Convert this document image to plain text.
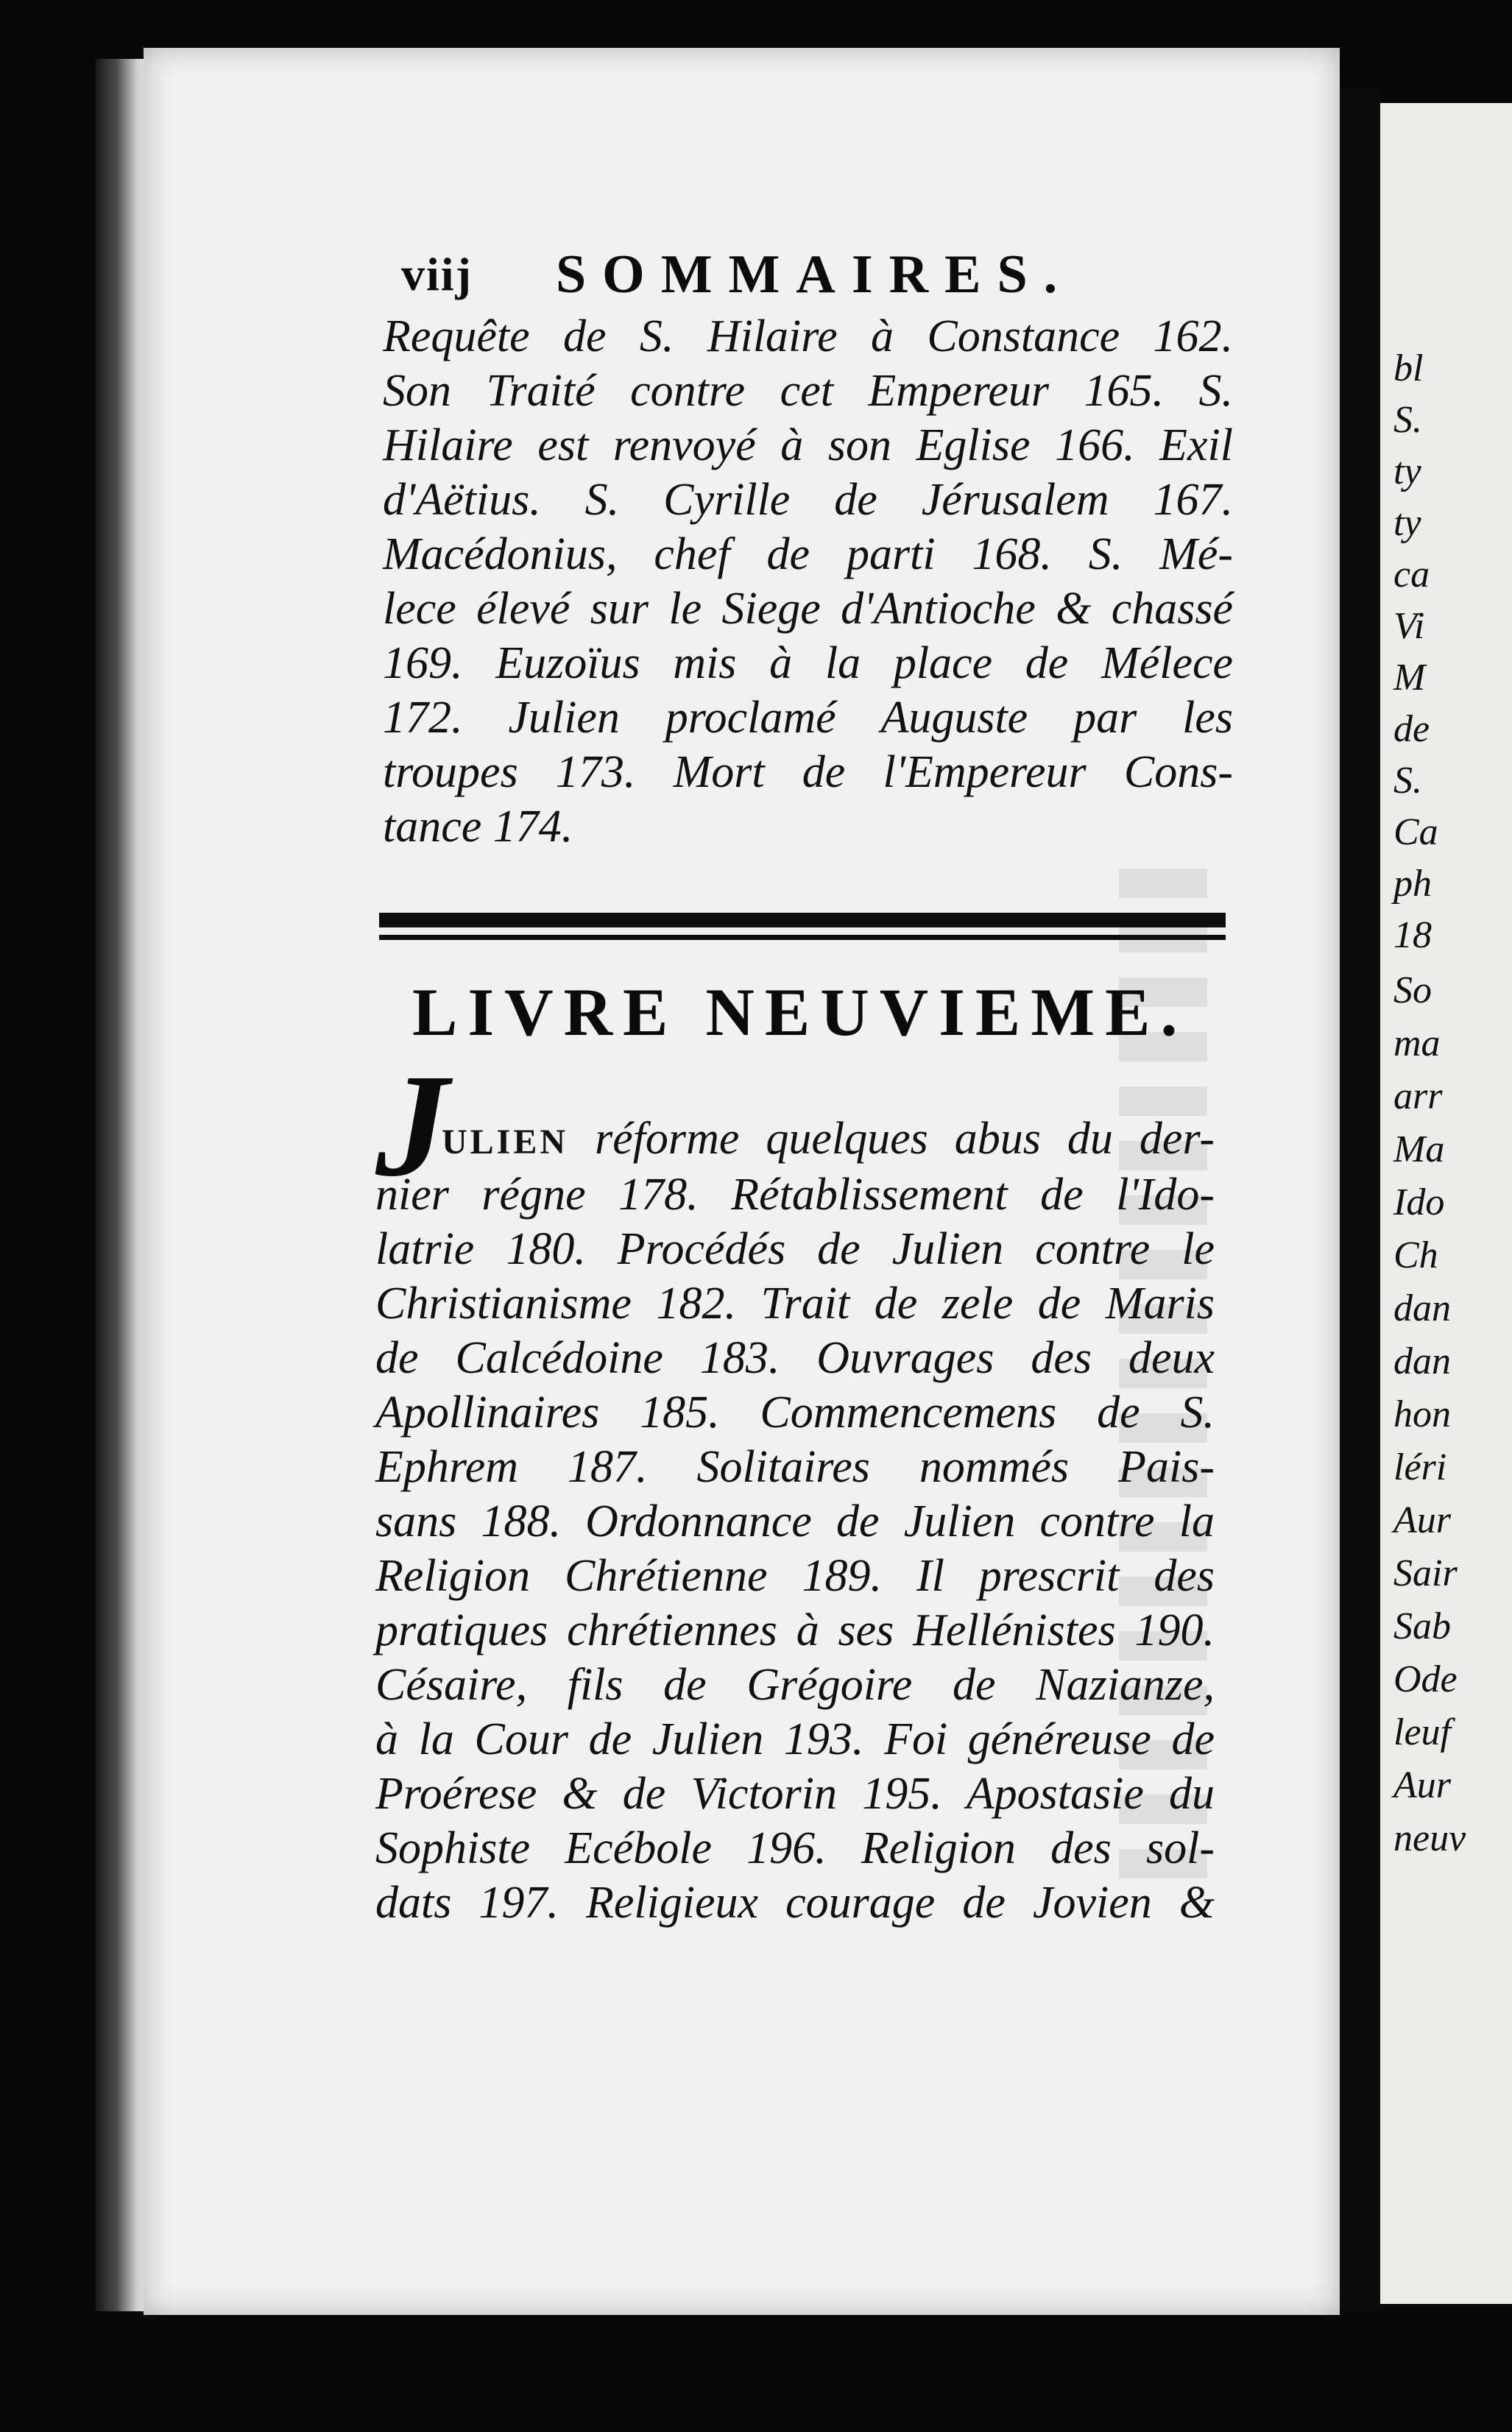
bl
S.
ty
ty
ca
Vi
M
de
S.
Ca
ph
18
So
ma
arr
Ma
Ido
Ch
dan
dan
hon
léri
Aur
Sair
Sab
Ode
leuf
Aur
neuv
viij SOMMAIRES.
Requête de S. Hilaire à Constance 162.
Son Traité contre cet Empereur 165. S.
Hilaire est renvoyé à son Eglise 166. Exil
d'Aëtius. S. Cyrille de Jérusalem 167.
Macédonius, chef de parti 168. S. Mé-
lece élevé sur le Siege d'Antioche & chassé
169. Euzoïus mis à la place de Mélece
172. Julien proclamé Auguste par les
troupes 173. Mort de l'Empereur Cons-
tance 174.
LIVRE NEUVIEME.
J
ULIEN réforme quelques abus du der-
nier régne 178. Rétablissement de l'Ido-
latrie 180. Procédés de Julien contre le
Christianisme 182. Trait de zele de Maris
de Calcédoine 183. Ouvrages des deux
Apollinaires 185. Commencemens de S.
Ephrem 187. Solitaires nommés Pais-
sans 188. Ordonnance de Julien contre la
Religion Chrétienne 189. Il prescrit des
pratiques chrétiennes à ses Hellénistes 190.
Césaire, fils de Grégoire de Nazianze,
à la Cour de Julien 193. Foi généreuse de
Proérese & de Victorin 195. Apostasie du
Sophiste Ecébole 196. Religion des sol-
dats 197. Religieux courage de Jovien &
